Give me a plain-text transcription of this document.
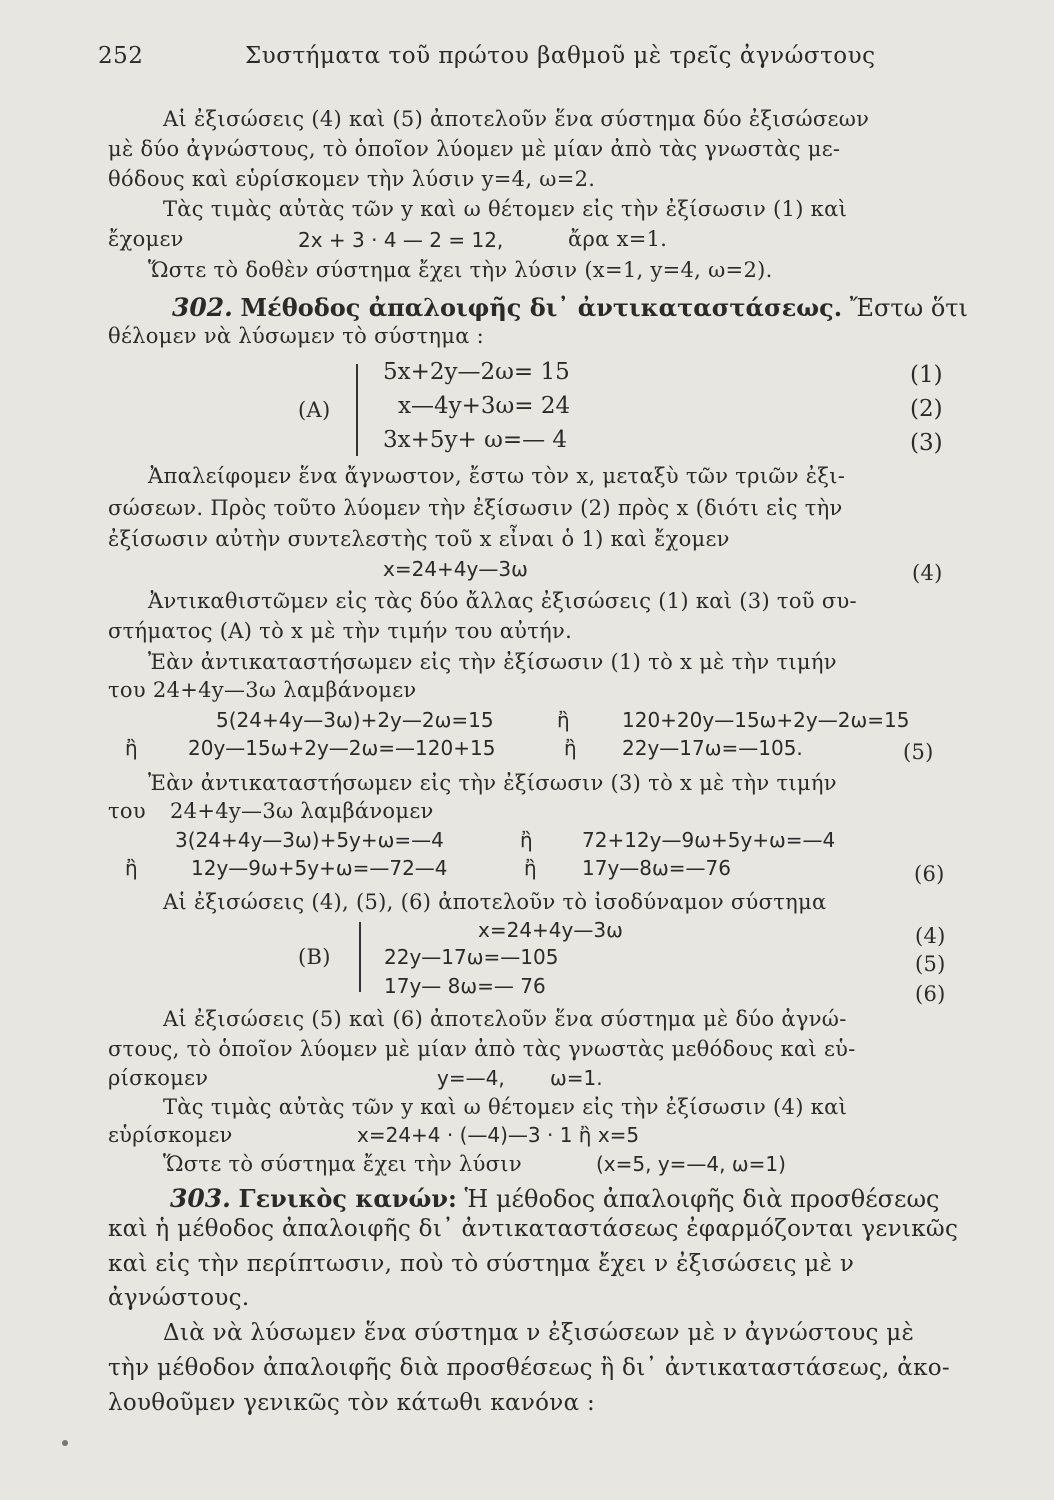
252	Συστήματα τοῦ πρώτου βαθμοῦ μὲ τρεῖς ἀγνώστους
Αἱ ἐξισώσεις (4) καὶ (5) ἀποτελοῦν ἕνα σύστημα δύο ἐξισώσεων
μὲ δύο ἀγνώστους, τὸ ὁποῖον λύομεν μὲ μίαν ἀπὸ τὰς γνωστὰς με-
θόδους καὶ εὑρίσκομεν τὴν λύσιν y=4, ω=2.
Τὰς τιμὰς αὐτὰς τῶν y καὶ ω θέτομεν εἰς τὴν ἐξίσωσιν (1) καὶ
ἔχομεν	2x + 3 · 4 — 2 = 12,	ἄρα x=1.
Ὥστε τὸ δοθὲν σύστημα ἔχει τὴν λύσιν (x=1, y=4, ω=2).
302. Μέθοδος ἀπαλοιφῆς δι᾽ ἀντικαταστάσεως. Ἔστω ὅτι
θέλομεν νὰ λύσωμεν τὸ σύστημα :
(A)
5x+2y—2ω= 15	(1)
x—4y+3ω= 24	(2)
3x+5y+ ω=— 4	(3)
Ἀπαλείφομεν ἕνα ἄγνωστον, ἔστω τὸν x, μεταξὺ τῶν τριῶν ἐξι-
σώσεων. Πρὸς τοῦτο λύομεν τὴν ἐξίσωσιν (2) πρὸς x (διότι εἰς τὴν
ἐξίσωσιν αὐτὴν συντελεστὴς τοῦ x εἶναι ὁ 1) καὶ ἔχομεν
x=24+4y—3ω	(4)
Ἀντικαθιστῶμεν εἰς τὰς δύο ἄλλας ἐξισώσεις (1) καὶ (3) τοῦ συ-
στήματος (A) τὸ x μὲ τὴν τιμήν του αὐτήν.
Ἐὰν ἀντικαταστήσωμεν εἰς τὴν ἐξίσωσιν (1) τὸ x μὲ τὴν τιμήν
του 24+4y—3ω λαμβάνομεν
5(24+4y—3ω)+2y—2ω=15	ἢ	120+20y—15ω+2y—2ω=15
ἢ	20y—15ω+2y—2ω=—120+15	ἢ 22y—17ω=—105.	(5)
Ἐὰν ἀντικαταστήσωμεν εἰς τὴν ἐξίσωσιν (3) τὸ x μὲ τὴν τιμήν
του 24+4y—3ω λαμβάνομεν
3(24+4y—3ω)+5y+ω=—4	ἢ 72+12y—9ω+5y+ω=—4
ἢ	12y—9ω+5y+ω=—72—4	ἢ 17y—8ω=—76	(6)
Αἱ ἐξισώσεις (4), (5), (6) ἀποτελοῦν τὸ ἰσοδύναμον σύστημα
(B)
x=24+4y—3ω	(4)
22y—17ω=—105	(5)
17y— 8ω=— 76	(6)
Αἱ ἐξισώσεις (5) καὶ (6) ἀποτελοῦν ἕνα σύστημα μὲ δύο ἀγνώ-
στους, τὸ ὁποῖον λύομεν μὲ μίαν ἀπὸ τὰς γνωστὰς μεθόδους καὶ εὑ-
ρίσκομεν	y=—4, ω=1.
Τὰς τιμὰς αὐτὰς τῶν y καὶ ω θέτομεν εἰς τὴν ἐξίσωσιν (4) καὶ
εὑρίσκομεν	x=24+4 · (—4)—3 · 1 ἢ x=5
Ὥστε τὸ σύστημα ἔχει τὴν λύσιν	(x=5, y=—4, ω=1)
303. Γενικὸς κανών: Ἡ μέθοδος ἀπαλοιφῆς διὰ προσθέσεως
καὶ ἡ μέθοδος ἀπαλοιφῆς δι᾽ ἀντικαταστάσεως ἐφαρμόζονται γενικῶς
καὶ εἰς τὴν περίπτωσιν, ποὺ τὸ σύστημα ἔχει ν ἐξισώσεις μὲ ν
ἀγνώστους.
Διὰ νὰ λύσωμεν ἕνα σύστημα ν ἐξισώσεων μὲ ν ἀγνώστους μὲ
τὴν μέθοδον ἀπαλοιφῆς διὰ προσθέσεως ἢ δι᾽ ἀντικαταστάσεως, ἀκο-
λουθοῦμεν γενικῶς τὸν κάτωθι κανόνα :
